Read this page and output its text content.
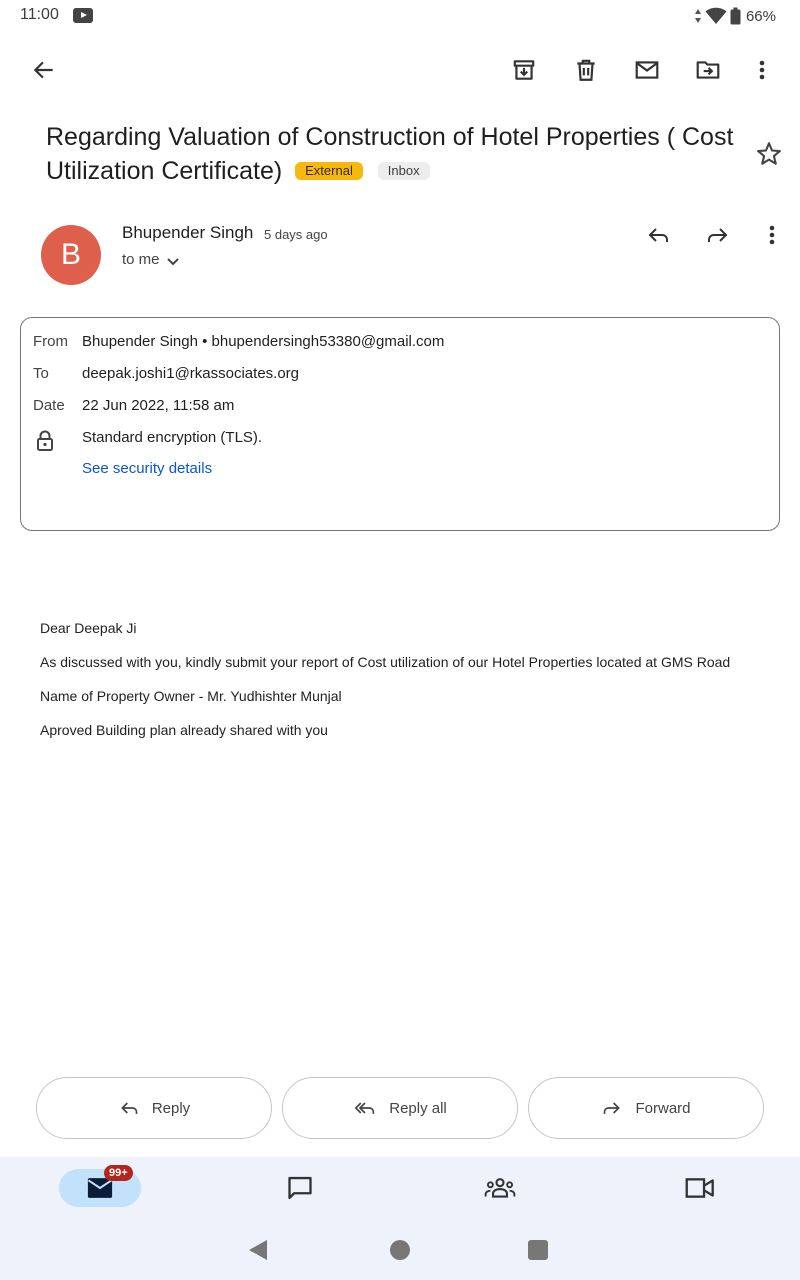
11:00	66%
Regarding Valuation of Construction of Hotel Properties ( Cost Utilization Certificate) External	Inbox
B
Bhupender Singh 5 days ago
to me
From Bhupender Singh • bhupendersingh53380@gmail.com
To deepak.joshi1@rkassociates.org
Date 22 Jun 2022, 11:58 am
Standard encryption (TLS).
See security details
Dear Deepak Ji
As discussed with you, kindly submit your report of Cost utilization of our Hotel Properties located at GMS Road
Name of Property Owner - Mr. Yudhishter Munjal
Aproved Building plan already shared with you
Reply	Reply all	Forward
99+
